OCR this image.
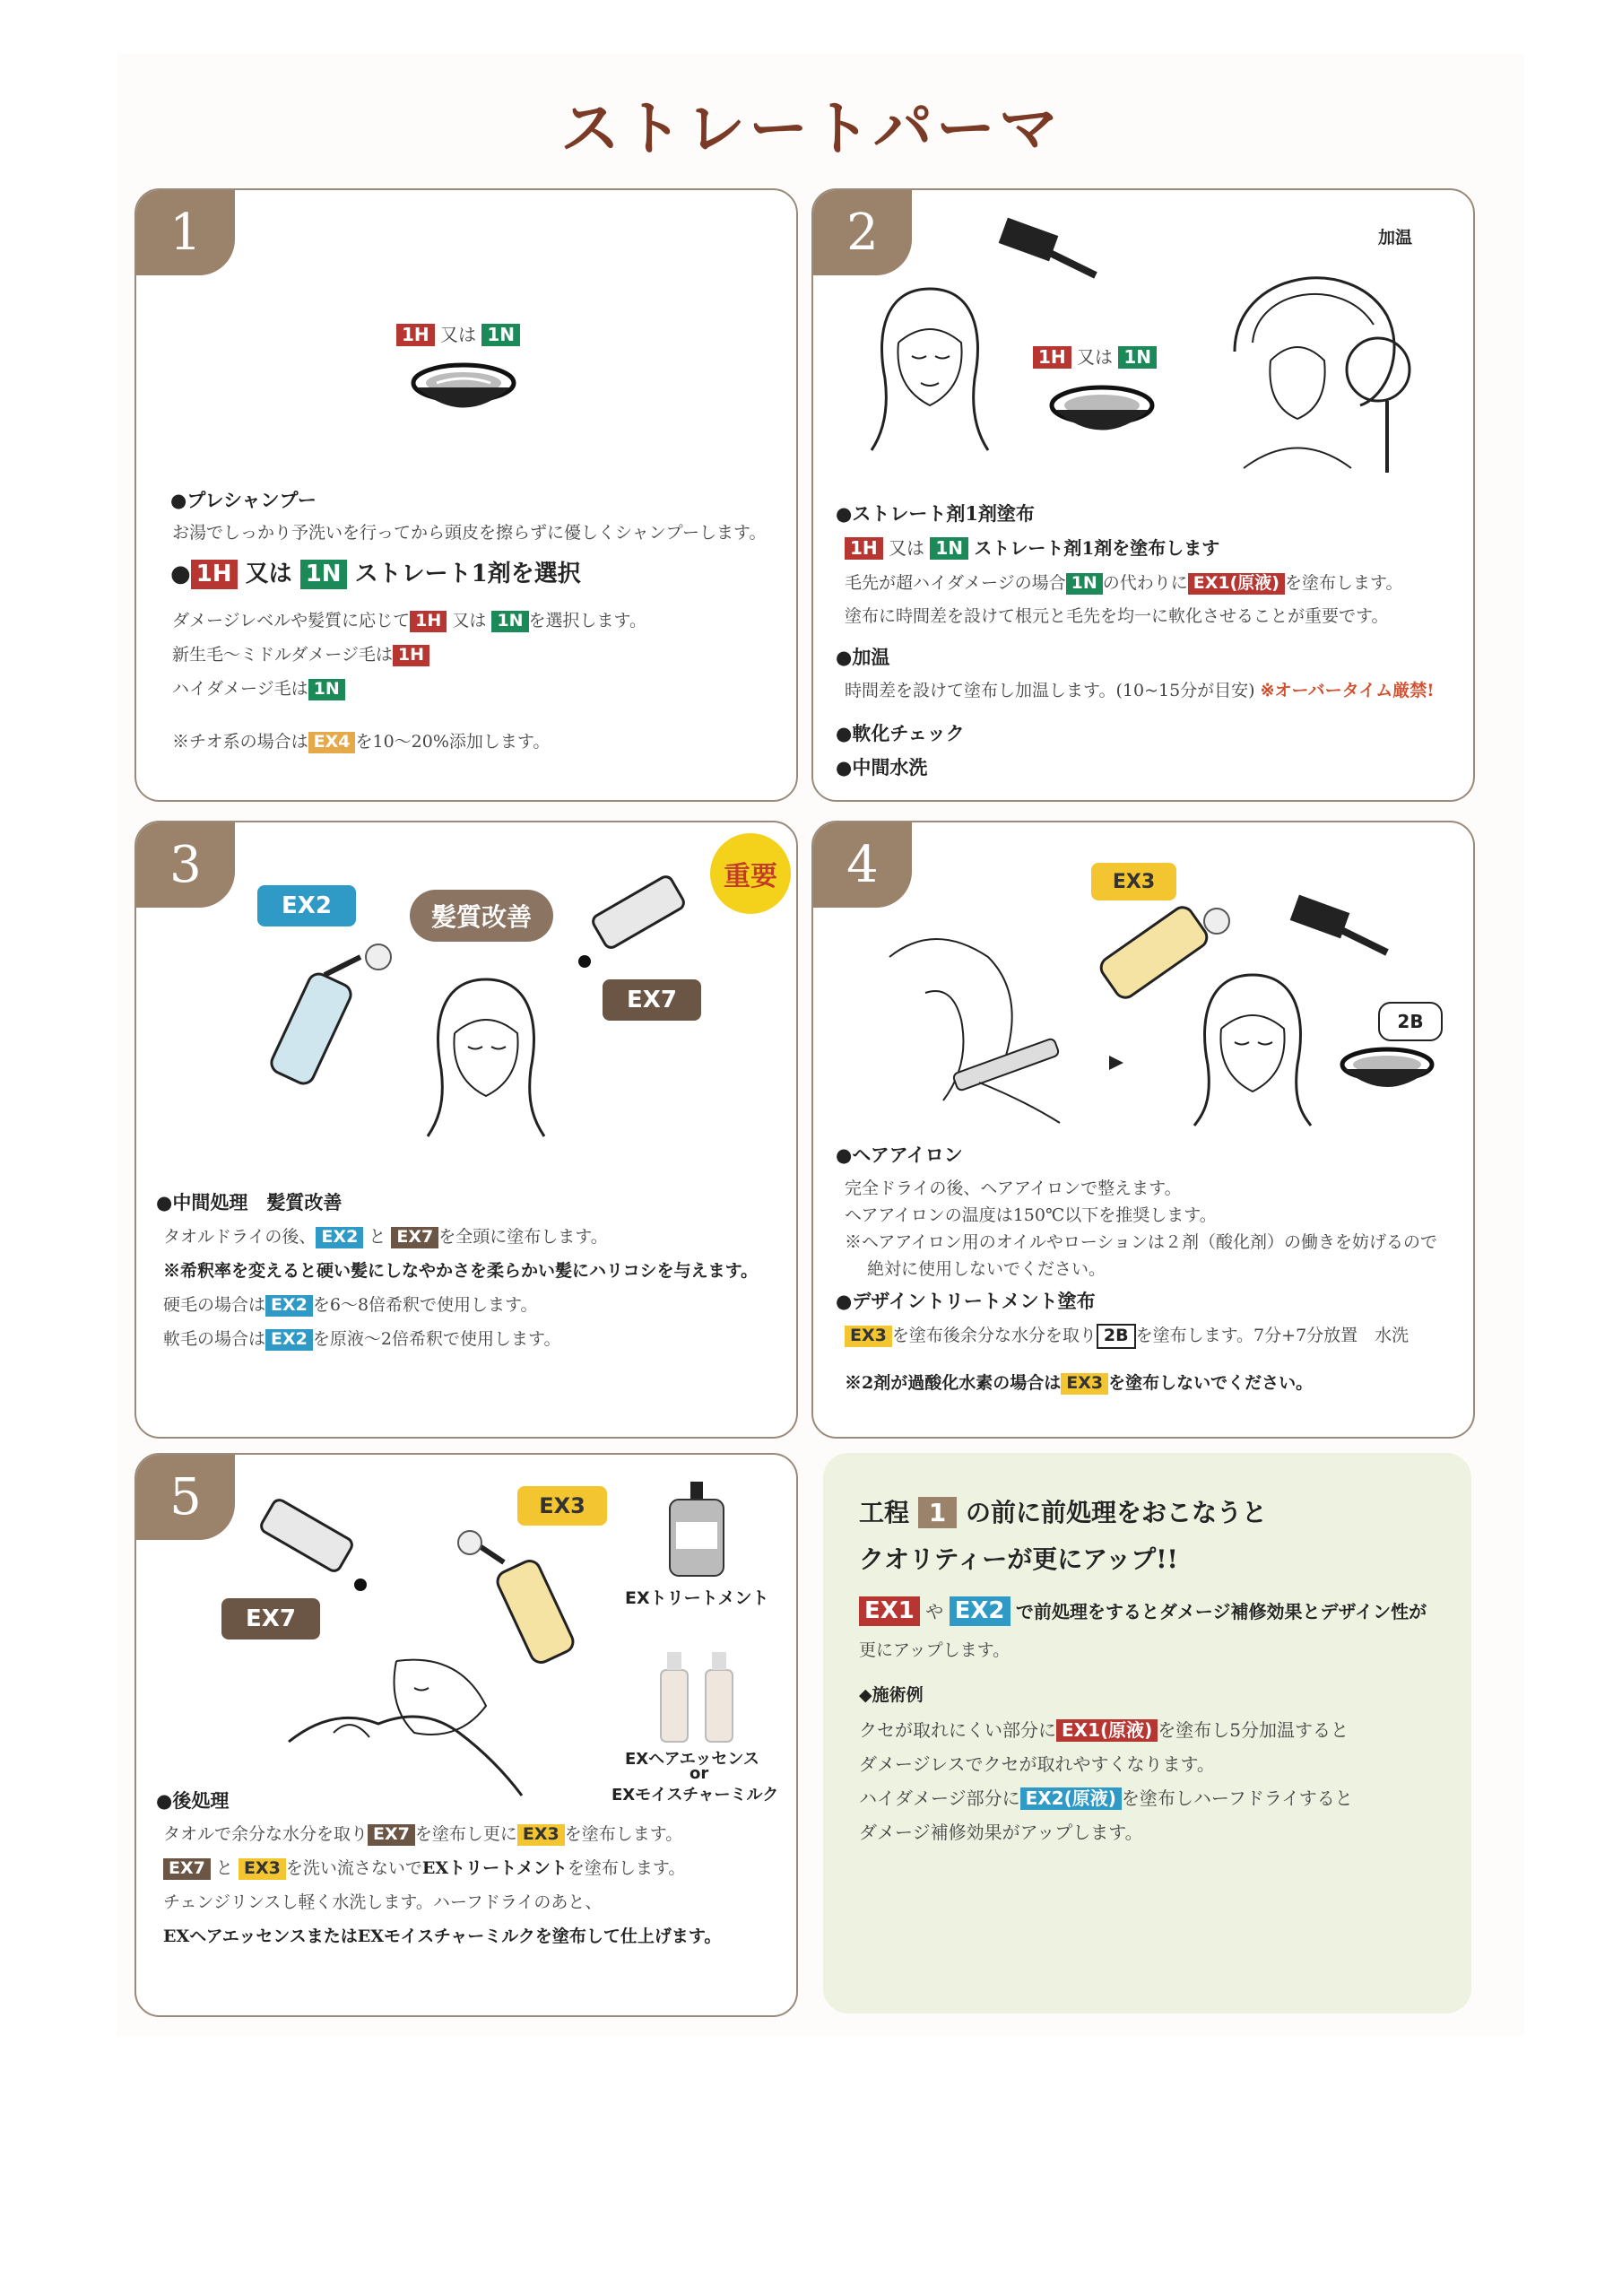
ストレートパーマ
1
1H 又は 1N
●プレシャンプー
お湯でしっかり予洗いを行ってから頭皮を擦らずに優しくシャンプーします。
● 1H 又は 1N ストレート1剤を選択
ダメージレベルや髪質に応じて 1H 又は 1N を選択します。
新生毛〜ミドルダメージ毛は 1H
ハイダメージ毛は 1N
※チオ系の場合は EX4 を10〜20%添加します。
2
1H 又は 1N
加温
●ストレート剤1剤塗布
1H 又は 1N ストレート剤1剤を塗布します
毛先が超ハイダメージの場合 1N の代わりに EX1(原液) を塗布します。
塗布に時間差を設けて根元と毛先を均一に軟化させることが重要です。
●加温
時間差を設けて塗布し加温します。(10~15分が目安) ※オーバータイム厳禁!
●軟化チェック
●中間水洗
3	重要
EX2	髪質改善
EX7
●中間処理　髪質改善
タオルドライの後、 EX2 と EX7 を全頭に塗布します。
※希釈率を変えると硬い髪にしなやかさを柔らかい髪にハリコシを与えます。
硬毛の場合は EX2 を6～8倍希釈で使用します。
軟毛の場合は EX2 を原液～2倍希釈で使用します。
4	EX3
2B
●ヘアアイロン
完全ドライの後、ヘアアイロンで整えます。
ヘアアイロンの温度は150℃以下を推奨します。
※ヘアアイロン用のオイルやローションは２剤（酸化剤）の働きを妨げるので
絶対に使用しないでください。
●デザイントリートメント塗布
EX3 を塗布後余分な水分を取り 2B を塗布します。7分+7分放置　水洗
※2剤が過酸化水素の場合は EX3 を塗布しないでください。
5
EX7
EX3
EXトリートメント
EXヘアエッセンス
or
EXモイスチャーミルク
●後処理
タオルで余分な水分を取り EX7 を塗布し更に EX3 を塗布します。
EX7 と EX3 を洗い流さないでEXトリートメントを塗布します。
チェンジリンスし軽く水洗します。ハーフドライのあと、
EXヘアエッセンスまたはEXモイスチャーミルクを塗布して仕上げます。
工程 1 の前に前処理をおこなうと
クオリティーが更にアップ!!
EX1 や EX2 で前処理をするとダメージ補修効果とデザイン性が
更にアップします。
◆施術例
クセが取れにくい部分に EX1(原液) を塗布し5分加温すると
ダメージレスでクセが取れやすくなります。
ハイダメージ部分に EX2(原液) を塗布しハーフドライすると
ダメージ補修効果がアップします。
